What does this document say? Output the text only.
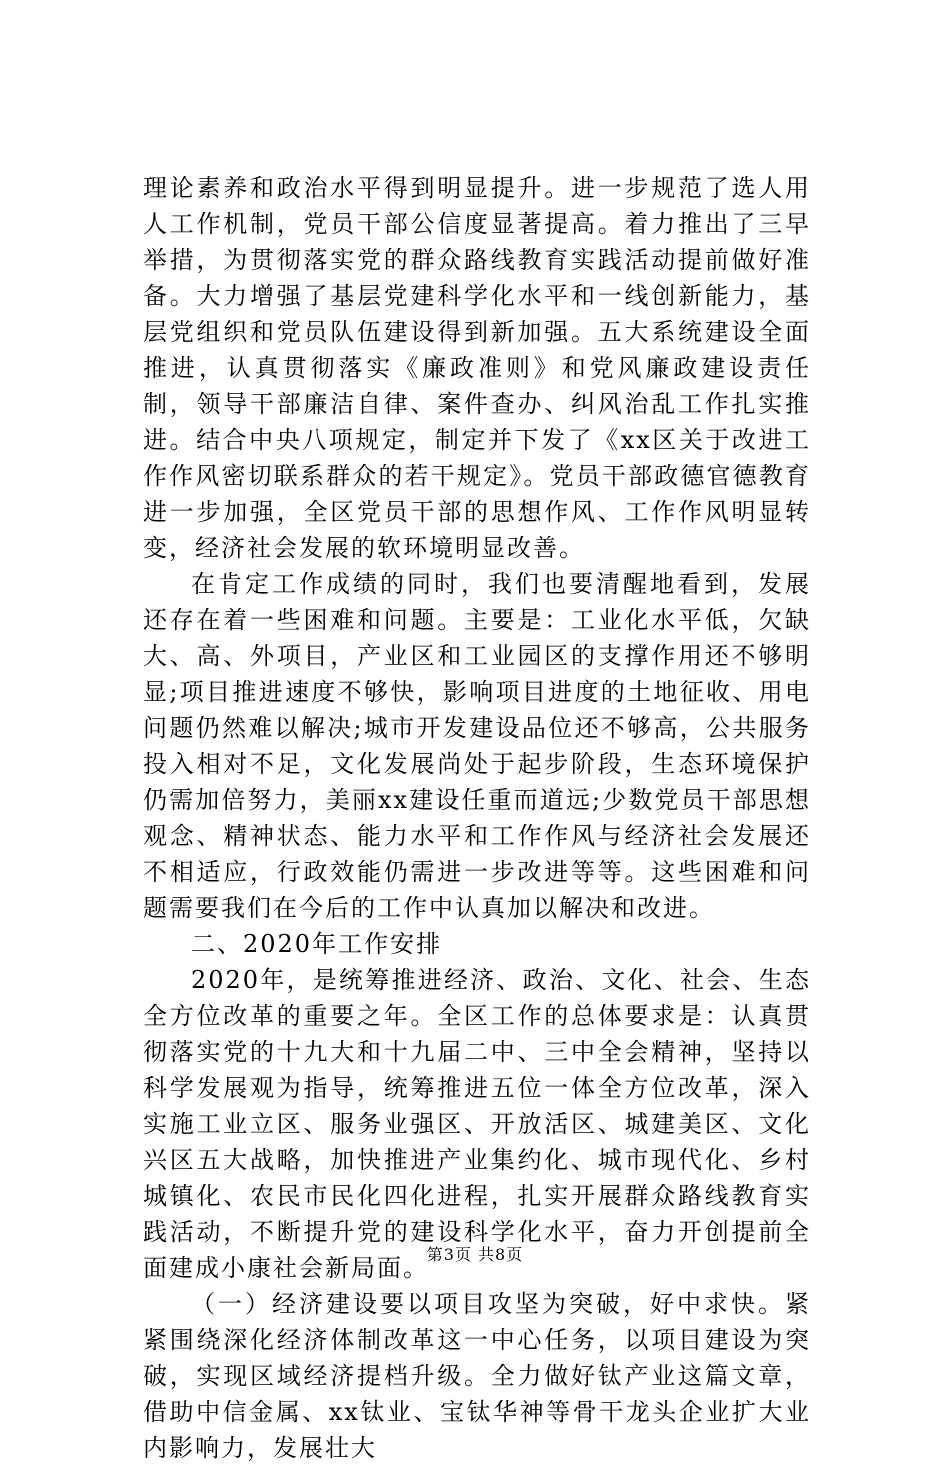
理论素养和政治水平得到明显提升。进一步规范了选人用人工作机制，党员干部公信度显著提高。着力推出了三早举措，为贯彻落实党的群众路线教育实践活动提前做好准备。大力增强了基层党建科学化水平和一线创新能力，基层党组织和党员队伍建设得到新加强。五大系统建设全面推进，认真贯彻落实《廉政准则》和党风廉政建设责任制，领导干部廉洁自律、案件查办、纠风治乱工作扎实推进。结合中央八项规定，制定并下发了《xx区关于改进工作作风密切联系群众的若干规定》。党员干部政德官德教育进一步加强，全区党员干部的思想作风、工作作风明显转变，经济社会发展的软环境明显改善。

在肯定工作成绩的同时，我们也要清醒地看到，发展还存在着一些困难和问题。主要是：工业化水平低，欠缺大、高、外项目，产业区和工业园区的支撑作用还不够明显;项目推进速度不够快，影响项目进度的土地征收、用电问题仍然难以解决;城市开发建设品位还不够高，公共服务投入相对不足，文化发展尚处于起步阶段，生态环境保护仍需加倍努力，美丽xx建设任重而道远;少数党员干部思想观念、精神状态、能力水平和工作作风与经济社会发展还不相适应，行政效能仍需进一步改进等等。这些困难和问题需要我们在今后的工作中认真加以解决和改进。

二、2020年工作安排

2020年，是统筹推进经济、政治、文化、社会、生态全方位改革的重要之年。全区工作的总体要求是：认真贯彻落实党的十九大和十九届二中、三中全会精神，坚持以科学发展观为指导，统筹推进五位一体全方位改革，深入实施工业立区、服务业强区、开放活区、城建美区、文化兴区五大战略，加快推进产业集约化、城市现代化、乡村城镇化、农民市民化四化进程，扎实开展群众路线教育实践活动，不断提升党的建设科学化水平，奋力开创提前全面建成小康社会新局面。

（一）经济建设要以项目攻坚为突破，好中求快。紧紧围绕深化经济体制改革这一中心任务，以项目建设为突破，实现区域经济提档升级。全力做好钛产业这篇文章，借助中信金属、xx钛业、宝钛华神等骨干龙头企业扩大业内影响力，发展壮大

第3页 共8页
